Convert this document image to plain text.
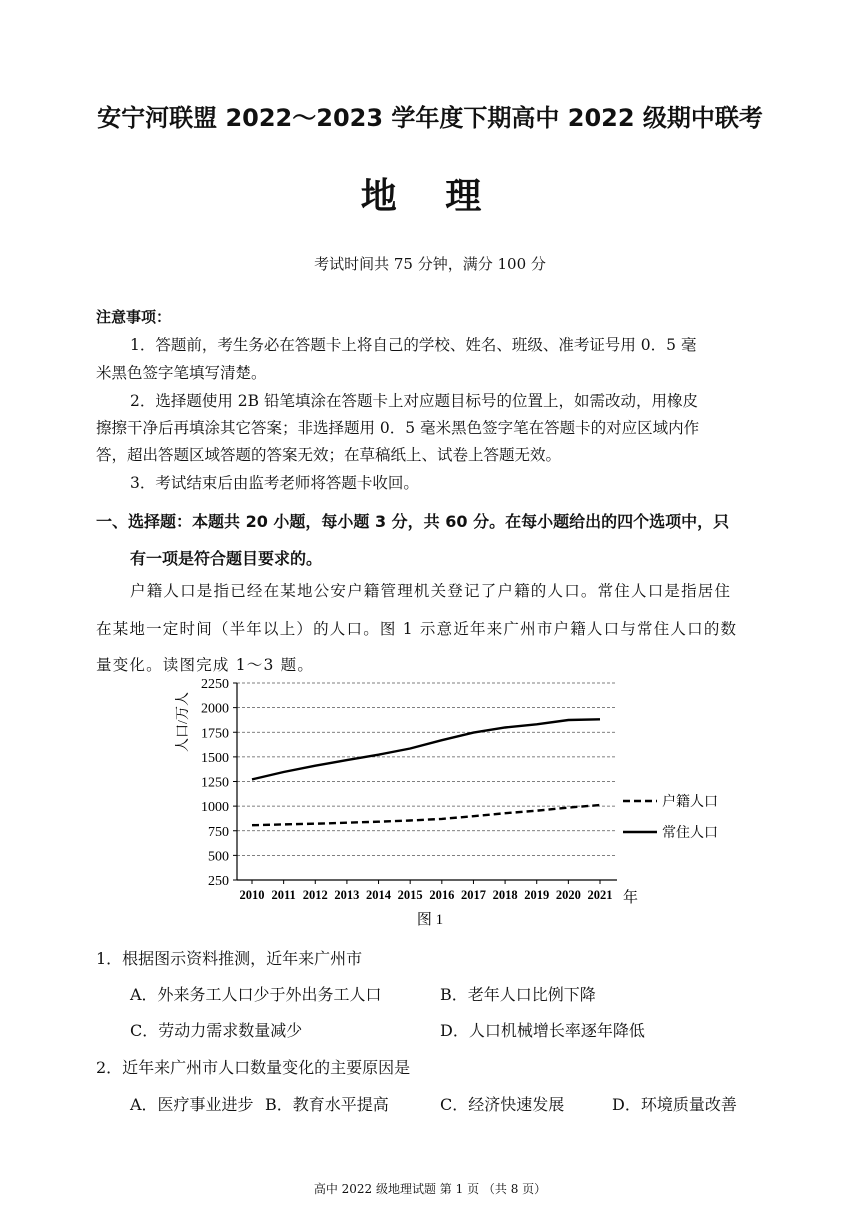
安宁河联盟 2022～2023 学年度下期高中 2022 级期中联考
地 理
考试时间共 75 分钟，满分 100 分
注意事项：
1．答题前，考生务必在答题卡上将自己的学校、姓名、班级、准考证号用 0．5 毫
米黑色签字笔填写清楚。
2．选择题使用 2B 铅笔填涂在答题卡上对应题目标号的位置上，如需改动，用橡皮
擦擦干净后再填涂其它答案；非选择题用 0．5 毫米黑色签字笔在答题卡的对应区域内作
答，超出答题区域答题的答案无效；在草稿纸上、试卷上答题无效。
3．考试结束后由监考老师将答题卡收回。
一、选择题：本题共 20 小题，每小题 3 分，共 60 分。在每小题给出的四个选项中，只
有一项是符合题目要求的。
户籍人口是指已经在某地公安户籍管理机关登记了户籍的人口。常住人口是指居住
在某地一定时间（半年以上）的人口。图 1 示意近年来广州市户籍人口与常住人口的数
量变化。读图完成 1～3 题。
250
500
750
1000
1250
1500
1750
2000
2250
2010 2011 2012 2013 2014 2015 2016 2017 2018 2019 2020 2021
户籍人口
常住人口
人口/万人
年
图 1
1．根据图示资料推测，近年来广州市
A．外来务工人口少于外出务工人口	B．老年人口比例下降
C．劳动力需求数量减少	D．人口机械增长率逐年降低
2．近年来广州市人口数量变化的主要原因是
A．医疗事业进步 B．教育水平提高	C．经济快速发展	D．环境质量改善
高中 2022 级地理试题 第 1 页 （共 8 页）
